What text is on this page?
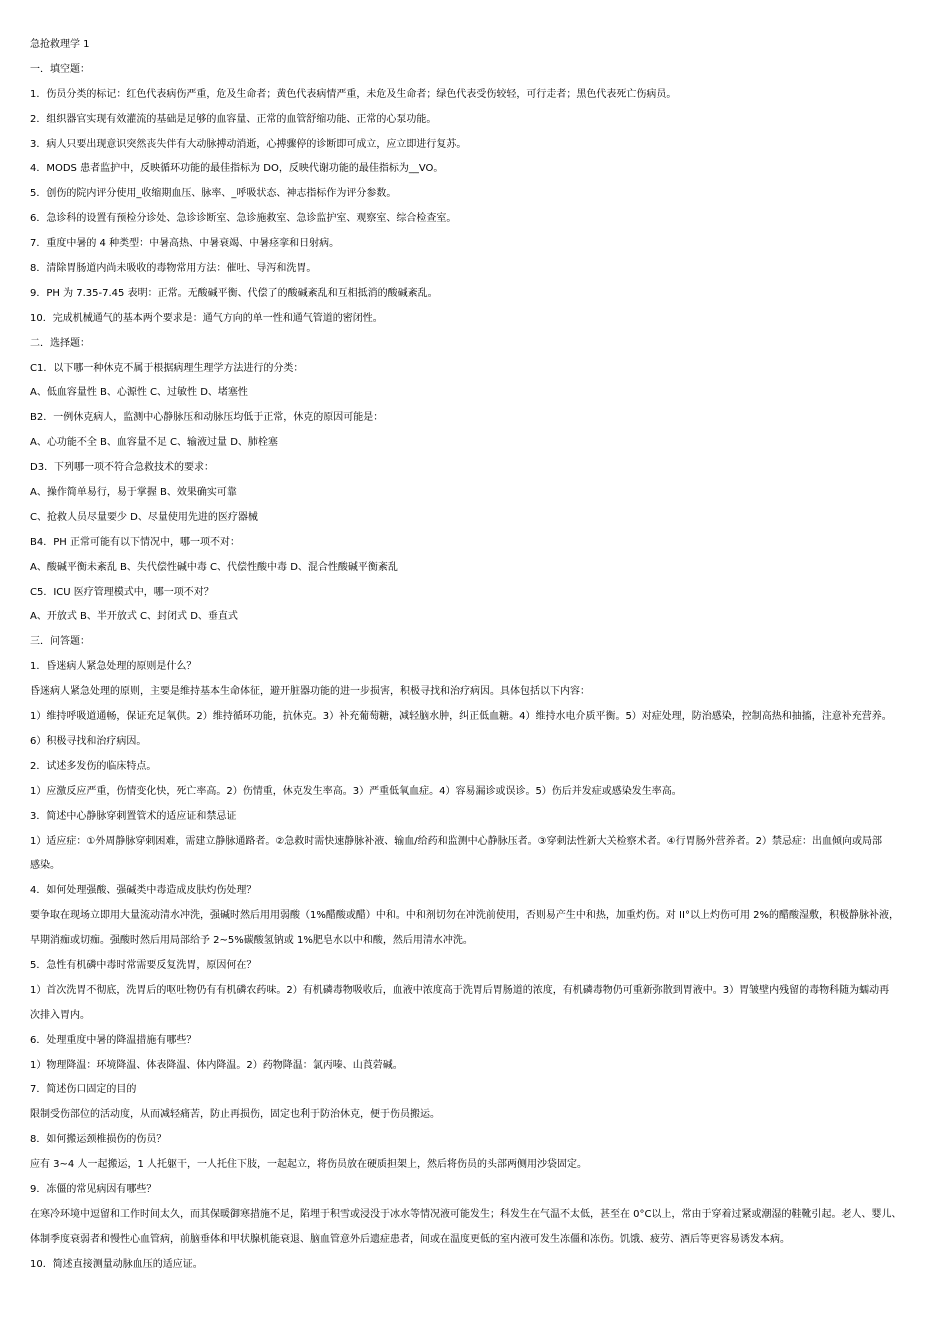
急抢救理学 1
一．填空题：
1．伤员分类的标记：红色代表病伤严重，危及生命者；黄色代表病情严重，未危及生命者；绿色代表受伤较轻，可行走者；黑色代表死亡伤病员。
2．组织器官实现有效灌流的基础是足够的血容量、正常的血管舒缩功能、正常的心泵功能。
3．病人只要出现意识突然丧失伴有大动脉搏动消逝，心搏骤停的诊断即可成立，应立即进行复苏。
4．MODS 患者监护中，反映循环功能的最佳指标为 DO，反映代谢功能的最佳指标为__VO。
5．创伤的院内评分使用_收缩期血压、脉率、_呼吸状态、神志指标作为评分参数。
6．急诊科的设置有预检分诊处、急诊诊断室、急诊施救室、急诊监护室、观察室、综合检查室。
7．重度中暑的 4 种类型：中暑高热、中暑衰竭、中暑痉挛和日射病。
8．清除胃肠道内尚未吸收的毒物常用方法：催吐、导泻和洗胃。
9．PH 为 7.35-7.45 表明：正常。无酸碱平衡、代偿了的酸碱紊乱和互相抵消的酸碱紊乱。
10．完成机械通气的基本两个要求是：通气方向的单一性和通气管道的密闭性。
二．选择题：
C1．以下哪一种休克不属于根据病理生理学方法进行的分类：
A、低血容量性 B、心源性 C、过敏性 D、堵塞性
B2．一例休克病人，监测中心静脉压和动脉压均低于正常，休克的原因可能是：
A、心功能不全 B、血容量不足 C、输液过量 D、肺栓塞
D3．下列哪一项不符合急救技术的要求：
A、操作简单易行，易于掌握 B、效果确实可靠
C、抢救人员尽量要少 D、尽量使用先进的医疗器械
B4．PH 正常可能有以下情况中，哪一项不对：
A、酸碱平衡未紊乱 B、失代偿性碱中毒 C、代偿性酸中毒 D、混合性酸碱平衡紊乱
C5．ICU 医疗管理模式中，哪一项不对？
A、开放式 B、半开放式 C、封闭式 D、垂直式
三．问答题：
1．昏迷病人紧急处理的原则是什么？
昏迷病人紧急处理的原则，主要是维持基本生命体征，避开脏器功能的进一步损害，积极寻找和治疗病因。具体包括以下内容：
1）维持呼吸道通畅，保证充足氧供。2）维持循环功能，抗休克。3）补充葡萄糖，减轻脑水肿，纠正低血糖。4）维持水电介质平衡。5）对症处理，防治感染，控制高热和抽搐，注意补充营养。
6）积极寻找和治疗病因。
2．试述多发伤的临床特点。
1）应激反应严重，伤情变化快，死亡率高。2）伤情重，休克发生率高。3）严重低氧血症。4）容易漏诊或误诊。5）伤后并发症或感染发生率高。
3．简述中心静脉穿刺置管术的适应证和禁忌证
1）适应症：①外周静脉穿刺困难，需建立静脉通路者。②急救时需快速静脉补液、输血/给药和监测中心静脉压者。③穿刺法性新大关检察术者。④行胃肠外营养者。2）禁忌症：出血倾向或局部
感染。
4．如何处理强酸、强碱类中毒造成皮肤灼伤处理？
要争取在现场立即用大量流动清水冲洗，强碱时然后用用弱酸（1%醋酸或醋）中和。中和剂切勿在冲洗前使用，否则易产生中和热，加重灼伤。对 II°以上灼伤可用 2%的醋酸湿敷，积极静脉补液，
早期消痂或切痂。强酸时然后用局部给予 2~5%碳酸氢钠或 1%肥皂水以中和酸，然后用清水冲洗。
5．急性有机磷中毒时常需要反复洗胃，原因何在？
1）首次洗胃不彻底，洗胃后的呕吐物仍有有机磷农药味。2）有机磷毒物吸收后，血液中浓度高于洗胃后胃肠道的浓度，有机磷毒物仍可重新弥散到胃液中。3）胃皱壁内残留的毒物科随为蠕动再
次排入胃内。
6．处理重度中暑的降温措施有哪些？
1）物理降温：环境降温、体表降温、体内降温。2）药物降温：氯丙嗪、山莨菪碱。
7．简述伤口固定的目的
限制受伤部位的活动度，从而减轻痛苦，防止再损伤，固定也利于防治休克，便于伤员搬运。
8．如何搬运颈椎损伤的伤员？
应有 3~4 人一起搬运，1 人托躯干，一人托住下肢，一起起立，将伤员放在硬质担架上，然后将伤员的头部两侧用沙袋固定。
9．冻僵的常见病因有哪些？
在寒冷环境中逗留和工作时间太久，而其保暖御寒措施不足，陷埋于积雪或浸没于冰水等情况液可能发生；科发生在气温不太低，甚至在 0°C以上，常由于穿着过紧或潮湿的鞋靴引起。老人、婴儿、
体制季度衰弱者和慢性心血管病，前脑垂体和甲状腺机能衰退、脑血管意外后遗症患者，间或在温度更低的室内液可发生冻僵和冻伤。饥饿、疲劳、酒后等更容易诱发本病。
10．简述直接测量动脉血压的适应证。
